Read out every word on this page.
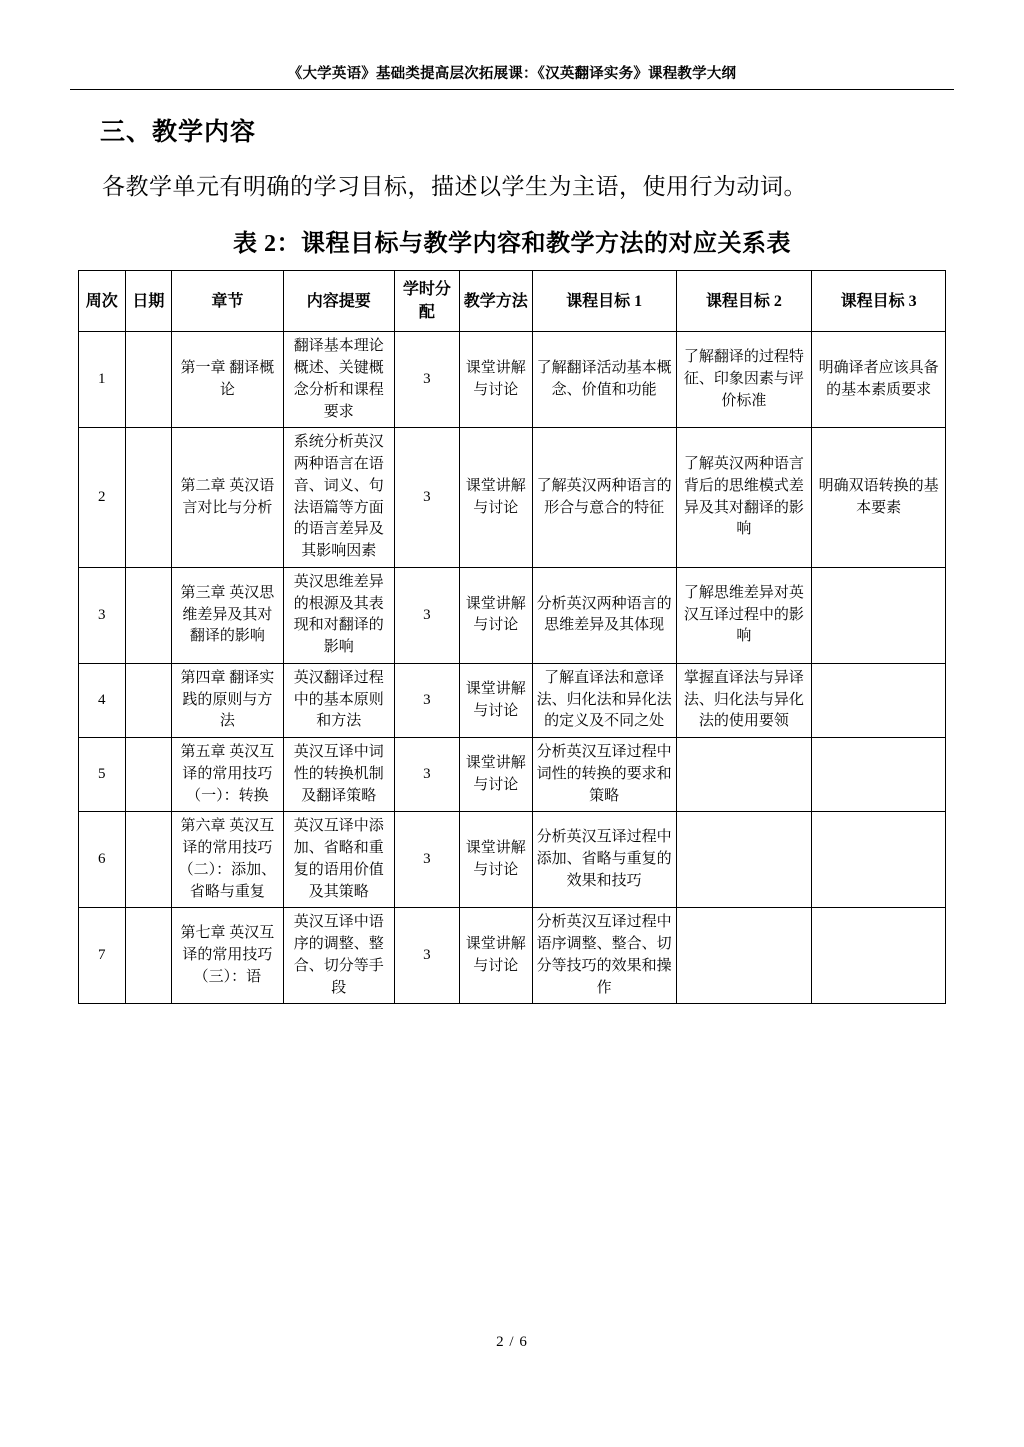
《大学英语》基础类提高层次拓展课：《汉英翻译实务》课程教学大纲
三、教学内容

各教学单元有明确的学习目标，描述以学生为主语，使用行为动词。

表 2：课程目标与教学内容和教学方法的对应关系表
周次	日期	章节	内容提要	学时分配	教学方法	课程目标 1	课程目标 2	课程目标 3
1		第一章 翻译概论	翻译基本理论概述、关键概念分析和课程要求	3	课堂讲解与讨论	了解翻译活动基本概念、价值和功能	了解翻译的过程特征、印象因素与评价标准	明确译者应该具备的基本素质要求
2		第二章 英汉语言对比与分析	系统分析英汉两种语言在语音、词义、句法语篇等方面的语言差异及其影响因素	3	课堂讲解与讨论	了解英汉两种语言的形合与意合的特征	了解英汉两种语言背后的思维模式差异及其对翻译的影响	明确双语转换的基本要素
3		第三章 英汉思维差异及其对翻译的影响	英汉思维差异的根源及其表现和对翻译的影响	3	课堂讲解与讨论	分析英汉两种语言的思维差异及其体现	了解思维差异对英汉互译过程中的影响	
4		第四章 翻译实践的原则与方法	英汉翻译过程中的基本原则和方法	3	课堂讲解与讨论	了解直译法和意译法、归化法和异化法的定义及不同之处	掌握直译法与异译法、归化法与异化法的使用要领	
5		第五章 英汉互译的常用技巧（一）：转换	英汉互译中词性的转换机制及翻译策略	3	课堂讲解与讨论	分析英汉互译过程中词性的转换的要求和策略		
6		第六章 英汉互译的常用技巧（二）：添加、省略与重复	英汉互译中添加、省略和重复的语用价值及其策略	3	课堂讲解与讨论	分析英汉互译过程中添加、省略与重复的效果和技巧		
7		第七章 英汉互译的常用技巧（三）：语	英汉互译中语序的调整、整合、切分等手段	3	课堂讲解与讨论	分析英汉互译过程中语序调整、整合、切分等技巧的效果和操作		
2 / 6
